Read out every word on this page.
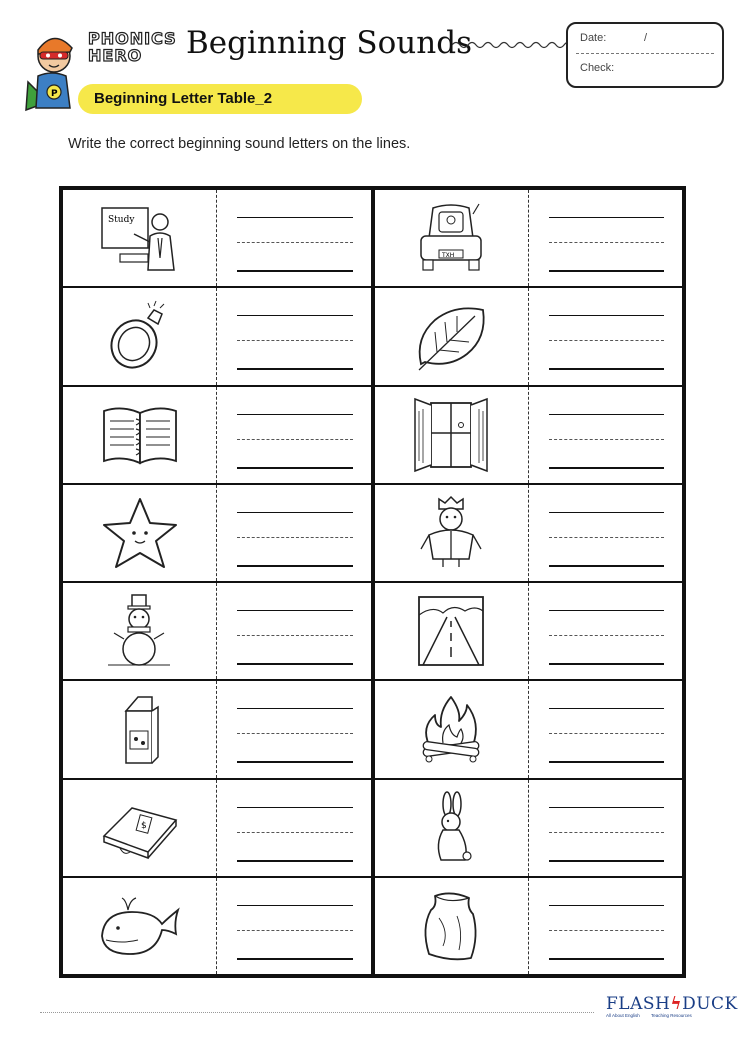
P
PHONICS
HERO	Beginning Sounds	Date:	/
Check:
Beginning Letter Table_2
Write the correct beginning sound letters on the lines.
Study
$
TXH
FLASHϟDUCK
All About English Teaching Resources
